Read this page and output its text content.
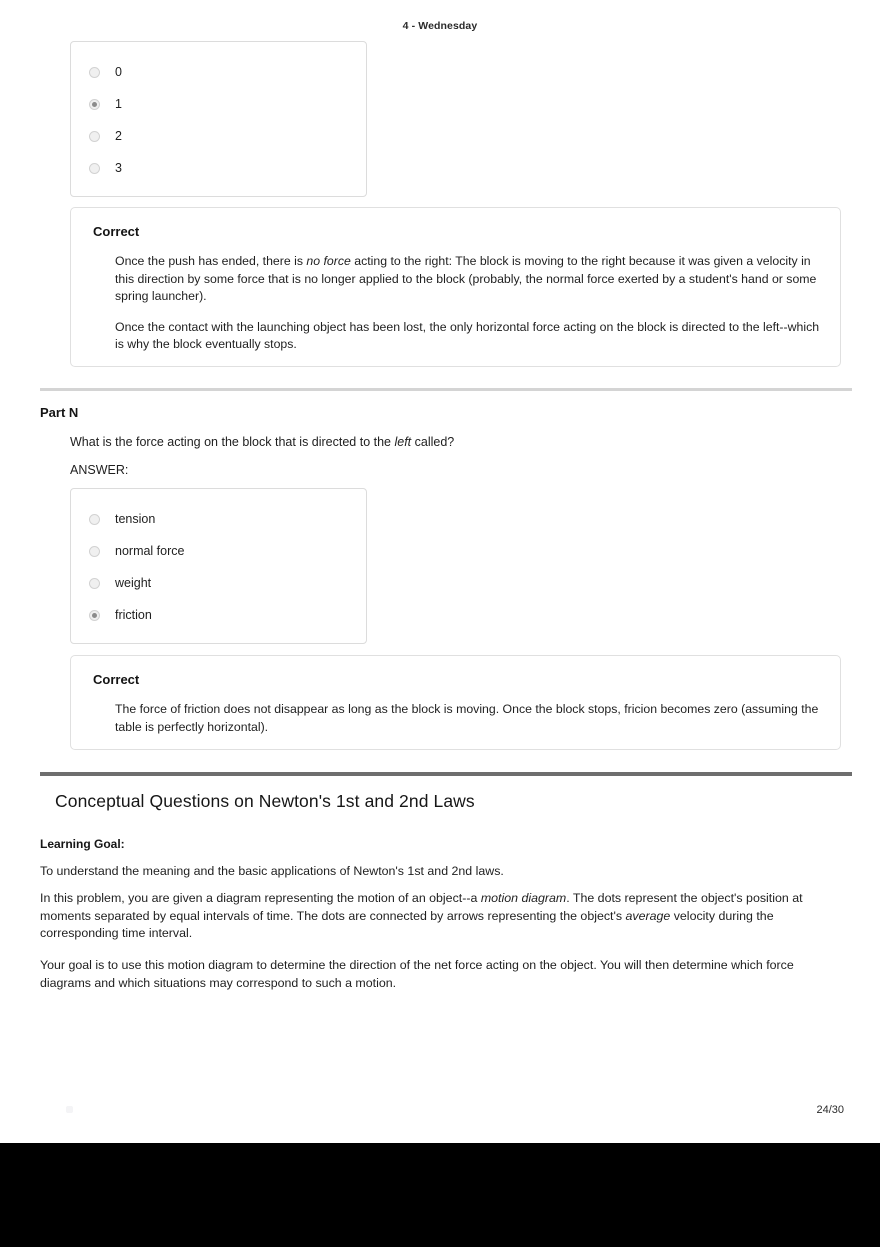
4 - Wednesday
0
1
2
3
Correct

Once the push has ended, there is no force acting to the right: The block is moving to the right because it was given a velocity in this direction by some force that is no longer applied to the block (probably, the normal force exerted by a student's hand or some spring launcher).

Once the contact with the launching object has been lost, the only horizontal force acting on the block is directed to the left--which is why the block eventually stops.

Part N
What is the force acting on the block that is directed to the left called?
ANSWER:
tension
normal force
weight
friction
Correct

The force of friction does not disappear as long as the block is moving. Once the block stops, fricion becomes zero (assuming the table is perfectly horizontal).

Conceptual Questions on Newton's 1st and 2nd Laws
Learning Goal:
To understand the meaning and the basic applications of Newton's 1st and 2nd laws.
In this problem, you are given a diagram representing the motion of an object--a motion diagram. The dots represent the object's position at moments separated by equal intervals of time. The dots are connected by arrows representing the object's average velocity during the corresponding time interval.
Your goal is to use this motion diagram to determine the direction of the net force acting on the object. You will then determine which force diagrams and which situations may correspond to such a motion.
24/30
